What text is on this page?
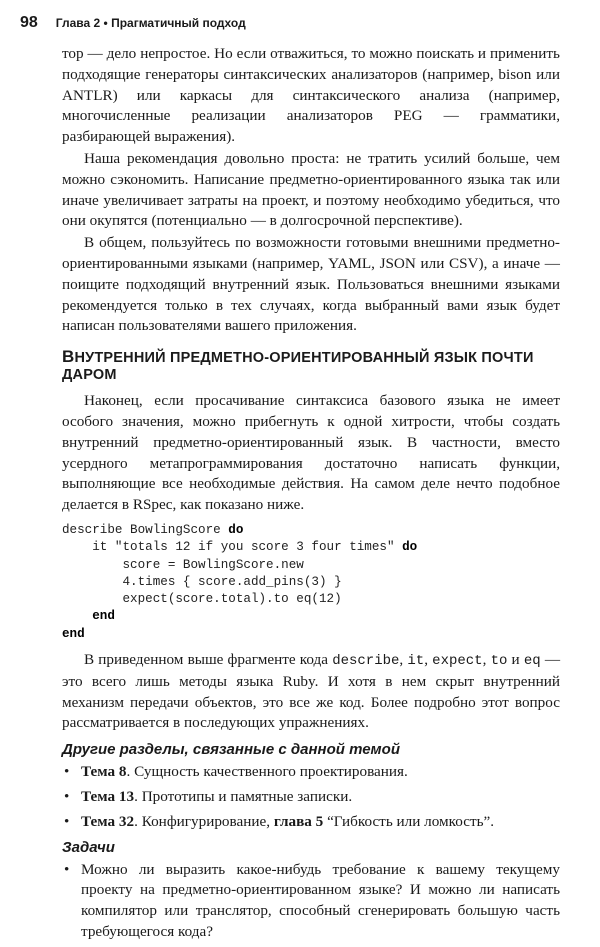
98 Глава 2 • Прагматичный подход

тор — дело непростое. Но если отважиться, то можно поискать и применить подходящие генераторы синтаксических анализаторов (например, bison или ANTLR) или каркасы для синтаксического анализа (например, многочисленные реализации анализаторов PEG — грамматики, разбирающей выражения).

Наша рекомендация довольно проста: не тратить усилий больше, чем можно сэкономить. Написание предметно-ориентированного языка так или иначе увеличивает затраты на проект, и поэтому необходимо убедиться, что они окупятся (потенциально — в долгосрочной перспективе).

В общем, пользуйтесь по возможности готовыми внешними предметно-ориентированными языками (например, YAML, JSON или CSV), а иначе — поищите подходящий внутренний язык. Пользоваться внешними языками рекомендуется только в тех случаях, когда выбранный вами язык будет написан пользователями вашего приложения.

ВНУТРЕННИЙ ПРЕДМЕТНО-ОРИЕНТИРОВАННЫЙ ЯЗЫК ПОЧТИ ДАРОМ

Наконец, если просачивание синтаксиса базового языка не имеет особого значения, можно прибегнуть к одной хитрости, чтобы создать внутренний предметно-ориентированный язык. В частности, вместо усердного метапрограммирования достаточно написать функции, выполняющие все необходимые действия. На самом деле нечто подобное делается в RSpec, как показано ниже.

describe BowlingScore do
it "totals 12 if you score 3 four times" do
score = BowlingScore.new
4.times { score.add_pins(3) }
expect(score.total).to eq(12)
end
end

В приведенном выше фрагменте кода describe, it, expect, to и eq — это всего лишь методы языка Ruby. И хотя в нем скрыт внутренний механизм передачи объектов, это все же код. Более подробно этот вопрос рассматривается в последующих упражнениях.

Другие разделы, связанные с данной темой
• Тема 8. Сущность качественного проектирования.
• Тема 13. Прототипы и памятные записки.
• Тема 32. Конфигурирование, глава 5 “Гибкость или ломкость”.
Задачи
• Можно ли выразить какое-нибудь требование к вашему текущему проекту на предметно-ориентированном языке? И можно ли написать компилятор или транслятор, способный сгенерировать большую часть требующегося кода?
